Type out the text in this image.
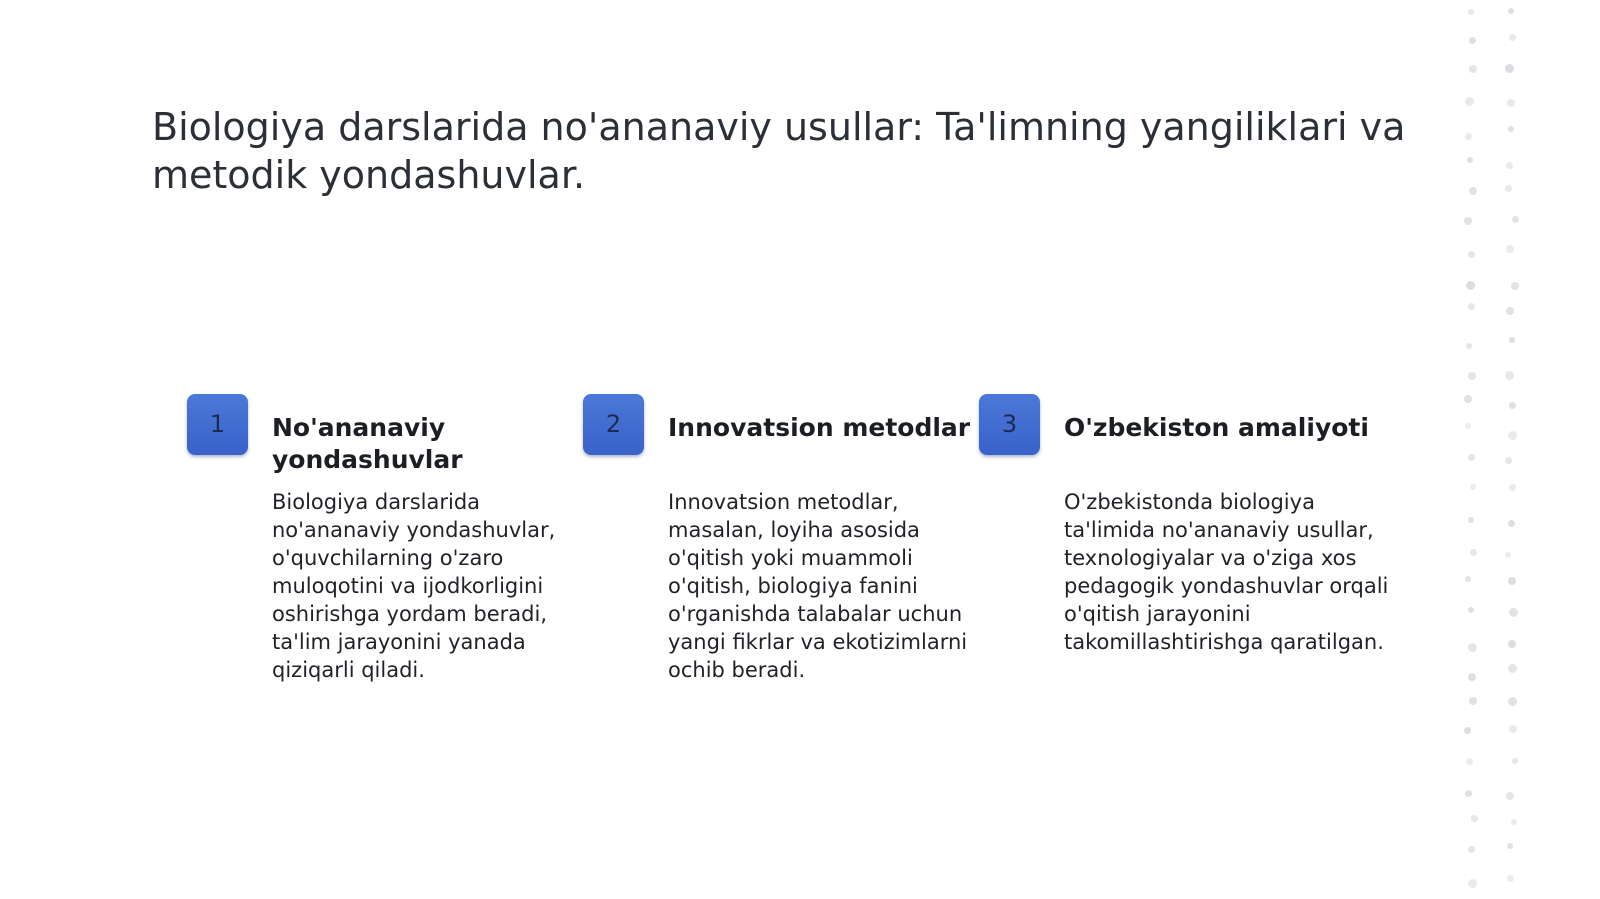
Biologiya darslarida no'ananaviy usullar: Ta'limning yangiliklari va metodik yondashuvlar.
1	No'ananaviy yondashuvlar

Biologiya darslarida no'ananaviy yondashuvlar, o'quvchilarning o'zaro muloqotini va ijodkorligini oshirishga yordam beradi, ta'lim jarayonini yanada qiziqarli qiladi.

2	Innovatsion metodlar

Innovatsion metodlar, masalan, loyiha asosida o'qitish yoki muammoli o'qitish, biologiya fanini o'rganishda talabalar uchun yangi fikrlar va ekotizimlarni ochib beradi.

3	O'zbekiston amaliyoti

O'zbekistonda biologiya ta'limida no'ananaviy usullar, texnologiyalar va o'ziga xos pedagogik yondashuvlar orqali o'qitish jarayonini takomillashtirishga qaratilgan.
